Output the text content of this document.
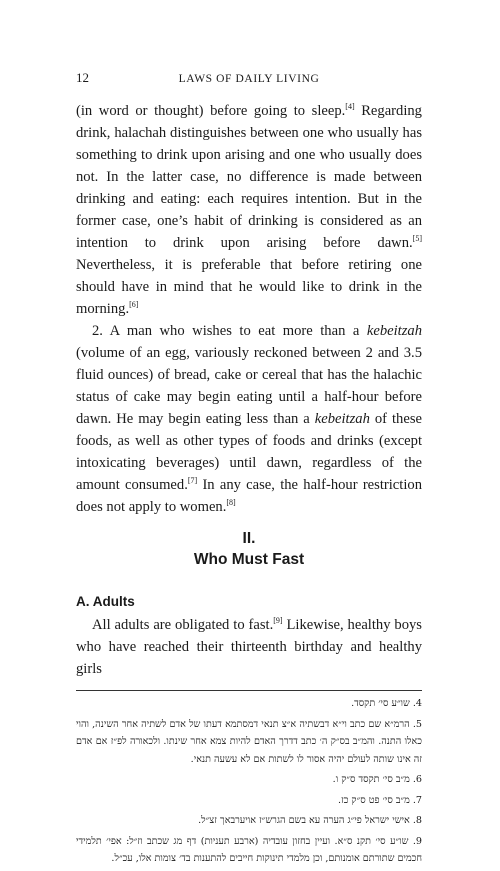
12	LAWS OF DAILY LIVING

(in word or thought) before going to sleep.[4] Regarding drink, halachah distinguishes between one who usually has something to drink upon arising and one who usually does not. In the latter case, no difference is made between drinking and eating: each requires intention. But in the former case, one’s habit of drinking is considered as an intention to drink upon arising before dawn.[5] Nevertheless, it is preferable that before retiring one should have in mind that he would like to drink in the morning.[6]

2. A man who wishes to eat more than a kebeitzah (volume of an egg, variously reckoned between 2 and 3.5 fluid ounces) of bread, cake or cereal that has the halachic status of cake may begin eating until a half-hour before dawn. He may begin eating less than a kebeitzah of these foods, as well as other types of foods and drinks (except intoxicating beverages) until dawn, regardless of the amount consumed.[7] In any case, the half-hour restriction does not apply to women.[8]

II.
Who Must Fast
A. Adults

All adults are obligated to fast.[9] Likewise, healthy boys who have reached their thirteenth birthday and healthy girls

4. שו״ע סי׳ תקסד.

5. הרמ״א שם כתב וי״א דבשתיה א״צ תנאי דמסתמא דעתו של אדם לשתיה אחר השינה, והוי כאלו התנה. והמ״ב בס״ק ה׳ כתב דדרך האדם להיות צמא אחר שינתו. ולכאורה לפ״ז אם אדם זה אינו שותה לעולם יהיה אסור לו לשתות אם לא עשעה תנאי.

6. מ״ב סי׳ תקסד ס״ק ו.

7. מ״ב סי׳ פט ס״ק כז.

8. אישי ישראל פי״ג הערה עא בשם הגרש״ז אויערבאך זצ״ל.

9. שו״ע סי׳ תקנ ס״א. ועיין בחזון עובדיה (ארבע תעניות) דף מג שכתב וז״ל: אפי׳ תלמידי חכמים שתורתם אומנותם, וכן מלמדי תינוקות חייבים להתענות בד׳ צומות אלו, עכ״ל.
